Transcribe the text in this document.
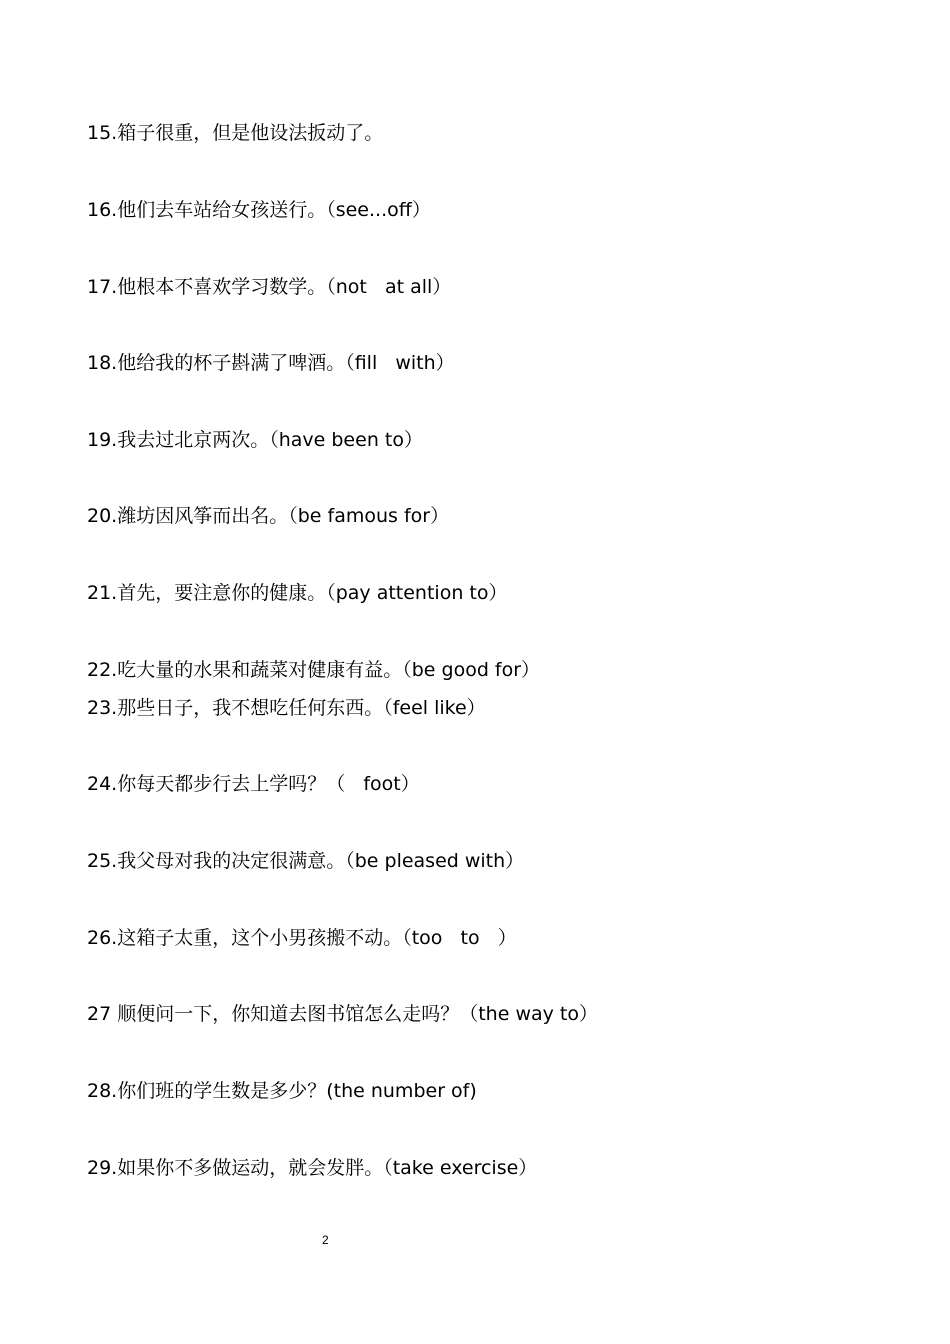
15.箱子很重，但是他设法扳动了。
16.他们去车站给女孩送行。（see...off）
17.他根本不喜欢学习数学。（not   at all）
18.他给我的杯子斟满了啤酒。（fill   with）
19.我去过北京两次。（have been to）
20.潍坊因风筝而出名。（be famous for）
21.首先，要注意你的健康。（pay attention to）
22.吃大量的水果和蔬菜对健康有益。（be good for）
23.那些日子，我不想吃任何东西。（feel like）
24.你每天都步行去上学吗？（   foot）
25.我父母对我的决定很满意。（be pleased with）
26.这箱子太重，这个小男孩搬不动。（too   to   ）
27 顺便问一下，你知道去图书馆怎么走吗？（the way to）
28.你们班的学生数是多少？(the number of)
29.如果你不多做运动，就会发胖。（take exercise）
2
